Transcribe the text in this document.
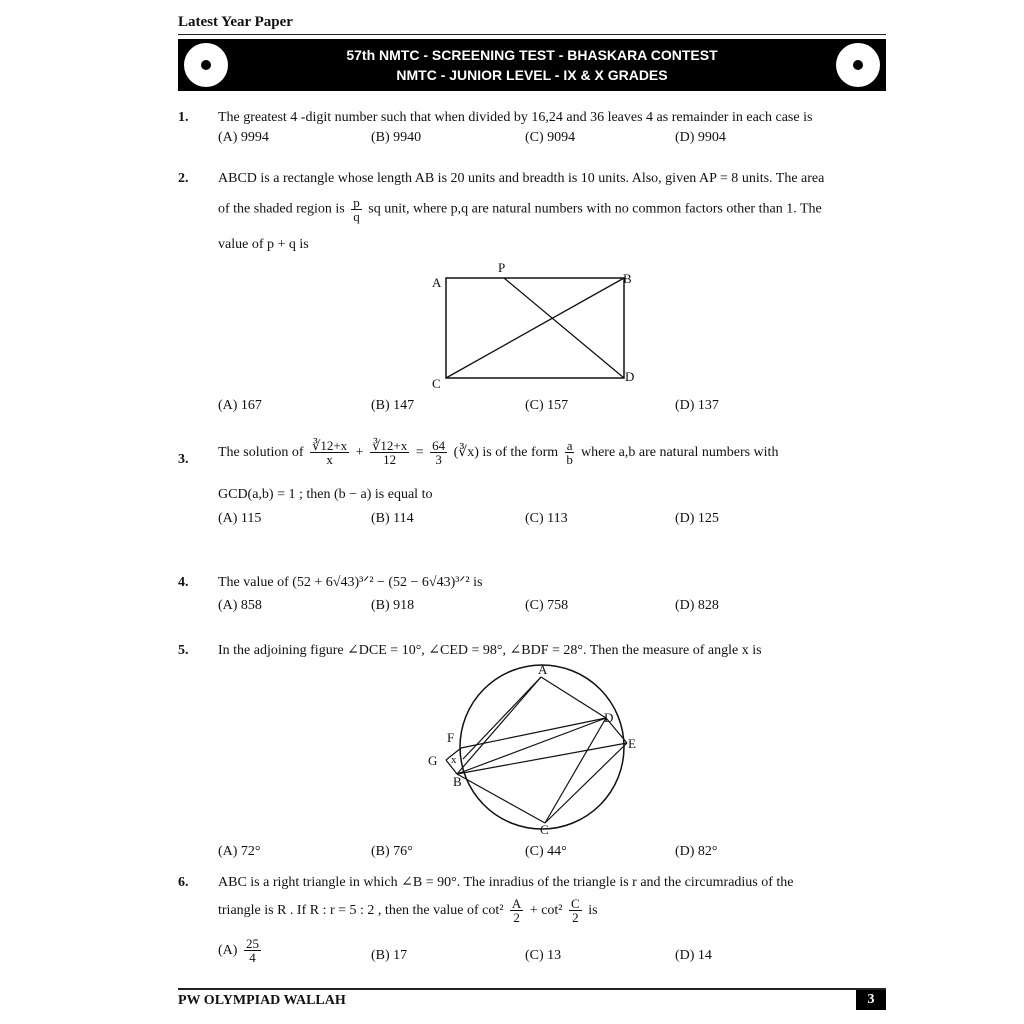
Latest Year Paper
57th NMTC - SCREENING TEST - BHASKARA CONTEST
NMTC - JUNIOR LEVEL - IX & X GRADES
1. The greatest 4 -digit number such that when divided by 16,24 and 36 leaves 4 as remainder in each case is
(A) 9994	(B) 9940	(C) 9094	(D) 9904
2. ABCD is a rectangle whose length AB is 20 units and breadth is 10 units. Also, given AP = 8 units. The area
of the shaded region is $\frac{p}{q}$ sq unit, where p,q are natural numbers with no common factors other than 1. The
value of p + q is
A
P
B
C	D
(A) 167	(B) 147	(C) 157	(D) 137
3. The solution of $\frac{∛12+x}{x} + \frac{∛12+x}{12} = \frac{64}{3}$ (∛x) is of the form $\frac{a}{b}$ where a,b are natural numbers with
GCD(a,b) = 1 ; then (b − a) is equal to
(A) 115	(B) 114	(C) 113	(D) 125
4. The value of (52 + 6√43)³ᐟ² − (52 − 6√43)³ᐟ² is
(A) 858	(B) 918	(C) 758	(D) 828
5. In the adjoining figure ∠DCE = 10°, ∠CED = 98°, ∠BDF = 28°. Then the measure of angle x is
A
D
E
F
G x
B
C
(A) 72°	(B) 76°	(C) 44°	(D) 82°
6. ABC is a right triangle in which ∠B = 90°. The inradius of the triangle is r and the circumradius of the
triangle is R . If R : r = 5 : 2 , then the value of $\cot^2 \frac{A}{2} + \cot^2 \frac{C}{2}$ is
$(A) \frac{25}{4}$	(B) 17	(C) 13	(D) 14
PW OLYMPIAD WALLAH	3
